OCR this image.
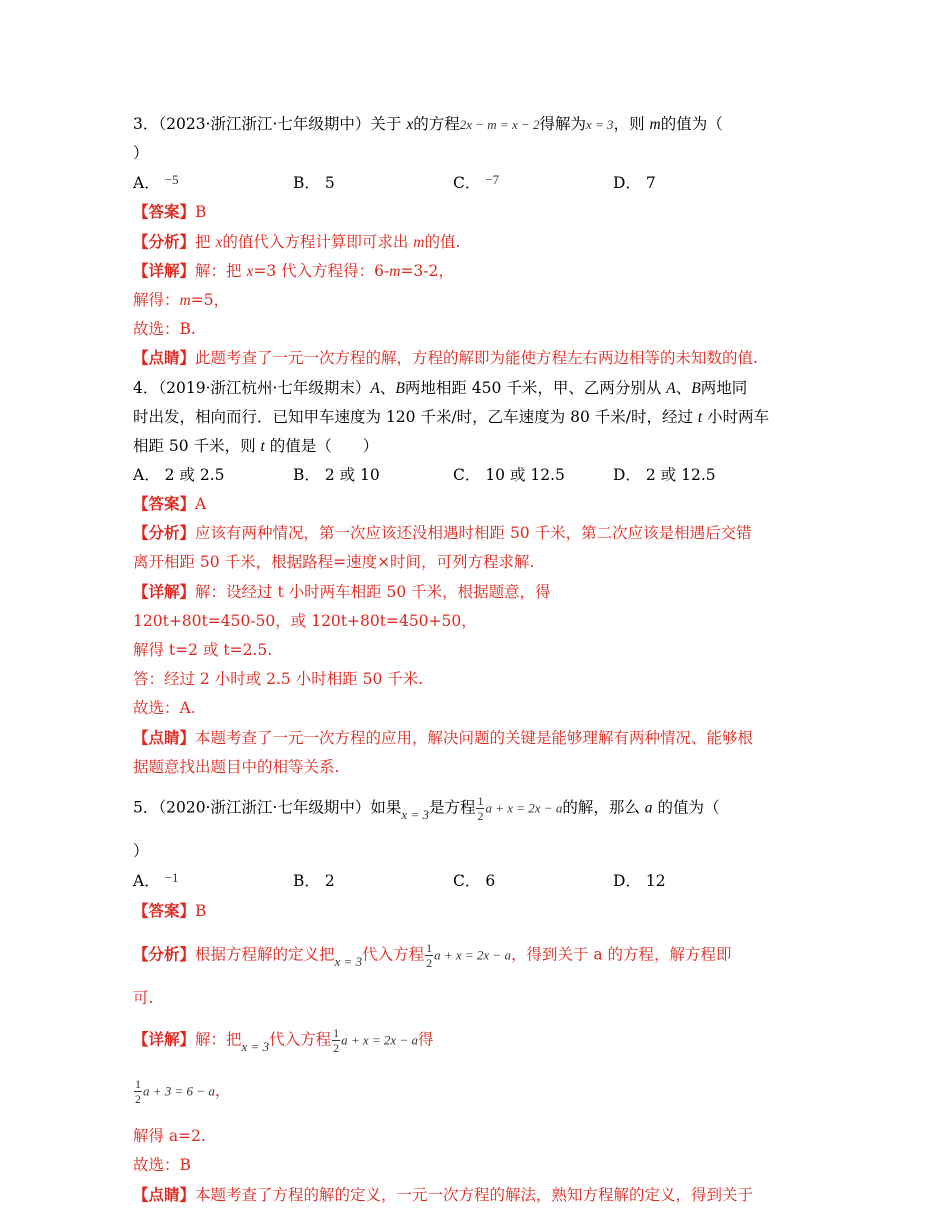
3．（2023·浙江浙江·七年级期中）关于 x的方程2x − m = x − 2得解为x = 3，则 m的值为（
）
A． $^{-5}$	B． 5	C． $^{-7}$	D． 7
【答案】B
【分析】把 x的值代入方程计算即可求出 m的值.
【详解】解：把 x=3 代入方程得：6-m=3-2，
解得：m=5，
故选：B.
【点睛】此题考查了一元一次方程的解，方程的解即为能使方程左右两边相等的未知数的值.
4．（2019·浙江杭州·七年级期末）A、B两地相距 450 千米，甲、乙两分别从 A、B两地同
时出发，相向而行．已知甲车速度为 120 千米/时，乙车速度为 80 千米/时，经过 t 小时两车
相距 50 千米，则 t 的值是（　　）
A． 2 或 2.5	B． 2 或 10	C． 10 或 12.5	D． 2 或 12.5
【答案】A
【分析】应该有两种情况，第一次应该还没相遇时相距 50 千米，第二次应该是相遇后交错
离开相距 50 千米，根据路程=速度×时间，可列方程求解.
【详解】解：设经过 t 小时两车相距 50 千米，根据题意，得
120t+80t=450-50，或 120t+80t=450+50，
解得 t=2 或 t=2.5.
答：经过 2 小时或 2.5 小时相距 50 千米.
故选：A.
【点睛】本题考查了一元一次方程的应用，解决问题的关键是能够理解有两种情况、能够根
据题意找出题目中的相等关系.
5．（2020·浙江浙江·七年级期中）如果$_{x = 3}$是方程 $\frac{1}{2}$ a + x = 2x − a的解，那么 a 的值为（
）
A． $^{-1}$	B． 2	C． 6	D． 12
【答案】B
【分析】根据方程解的定义把$_{x = 3}$代入方程 $\frac{1}{2}$ a + x = 2x − a，得到关于 a 的方程，解方程即
可.
【详解】解：把$_{x = 3}$代入方程 $\frac{1}{2}$ a + x = 2x − a得
$\frac{1}{2}$ a + 3 = 6 − a，
解得 a=2.
故选：B
【点睛】本题考查了方程的解的定义，一元一次方程的解法，熟知方程解的定义，得到关于
